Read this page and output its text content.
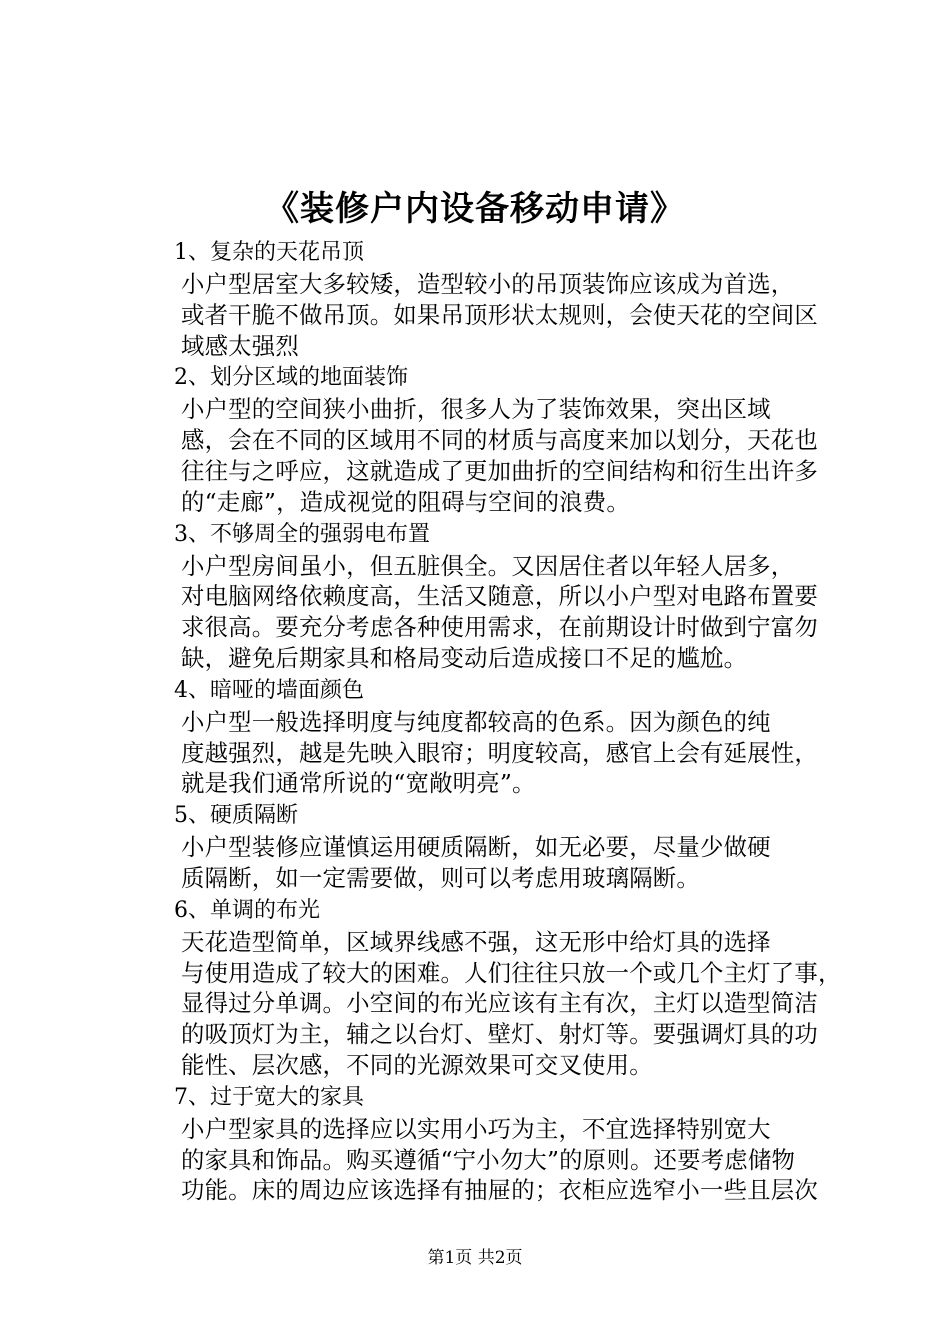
《装修户内设备移动申请》

1、复杂的天花吊顶

小户型居室大多较矮，造型较小的吊顶装饰应该成为首选，
或者干脆不做吊顶。如果吊顶形状太规则，会使天花的空间区
域感太强烈

2、划分区域的地面装饰

小户型的空间狭小曲折，很多人为了装饰效果，突出区域
感，会在不同的区域用不同的材质与高度来加以划分，天花也
往往与之呼应，这就造成了更加曲折的空间结构和衍生出许多
的“走廊”，造成视觉的阻碍与空间的浪费。

3、不够周全的强弱电布置

小户型房间虽小，但五脏俱全。又因居住者以年轻人居多，
对电脑网络依赖度高，生活又随意，所以小户型对电路布置要
求很高。要充分考虑各种使用需求，在前期设计时做到宁富勿
缺，避免后期家具和格局变动后造成接口不足的尴尬。

4、暗哑的墙面颜色

小户型一般选择明度与纯度都较高的色系。因为颜色的纯
度越强烈，越是先映入眼帘；明度较高，感官上会有延展性，
就是我们通常所说的“宽敞明亮”。

5、硬质隔断

小户型装修应谨慎运用硬质隔断，如无必要，尽量少做硬
质隔断，如一定需要做，则可以考虑用玻璃隔断。

6、单调的布光

天花造型简单，区域界线感不强，这无形中给灯具的选择
与使用造成了较大的困难。人们往往只放一个或几个主灯了事，
显得过分单调。小空间的布光应该有主有次，主灯以造型简洁
的吸顶灯为主，辅之以台灯、壁灯、射灯等。要强调灯具的功
能性、层次感，不同的光源效果可交叉使用。

7、过于宽大的家具

小户型家具的选择应以实用小巧为主，不宜选择特别宽大
的家具和饰品。购买遵循“宁小勿大”的原则。还要考虑储物
功能。床的周边应该选择有抽屉的；衣柜应选窄小一些且层次

第1页 共2页
